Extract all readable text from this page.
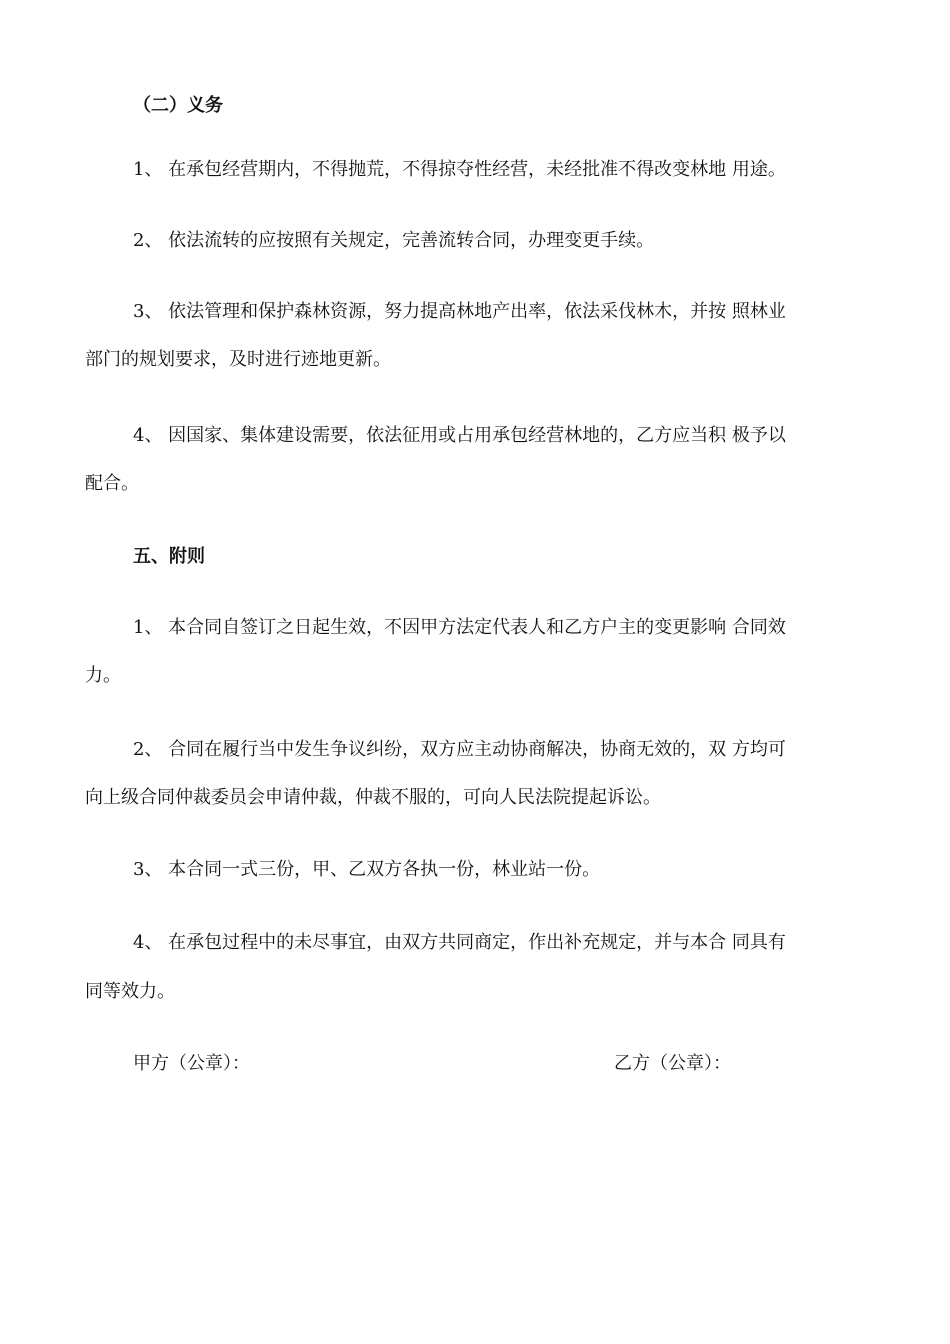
（二）义务
1、 在承包经营期内，不得抛荒，不得掠夺性经营，未经批准不得改变林地 用途。
2、 依法流转的应按照有关规定，完善流转合同，办理变更手续。
3、 依法管理和保护森林资源，努力提高林地产出率，依法采伐林木，并按 照林业
部门的规划要求，及时进行迹地更新。
4、 因国家、集体建设需要，依法征用或占用承包经营林地的，乙方应当积 极予以
配合。
五、附则
1、 本合同自签订之日起生效，不因甲方法定代表人和乙方户主的变更影响 合同效
力。
2、 合同在履行当中发生争议纠纷，双方应主动协商解决，协商无效的，双 方均可
向上级合同仲裁委员会申请仲裁，仲裁不服的，可向人民法院提起诉讼。
3、 本合同一式三份，甲、乙双方各执一份，林业站一份。
4、 在承包过程中的未尽事宜，由双方共同商定，作出补充规定，并与本合 同具有
同等效力。
甲方（公章）：	乙方（公章）：
